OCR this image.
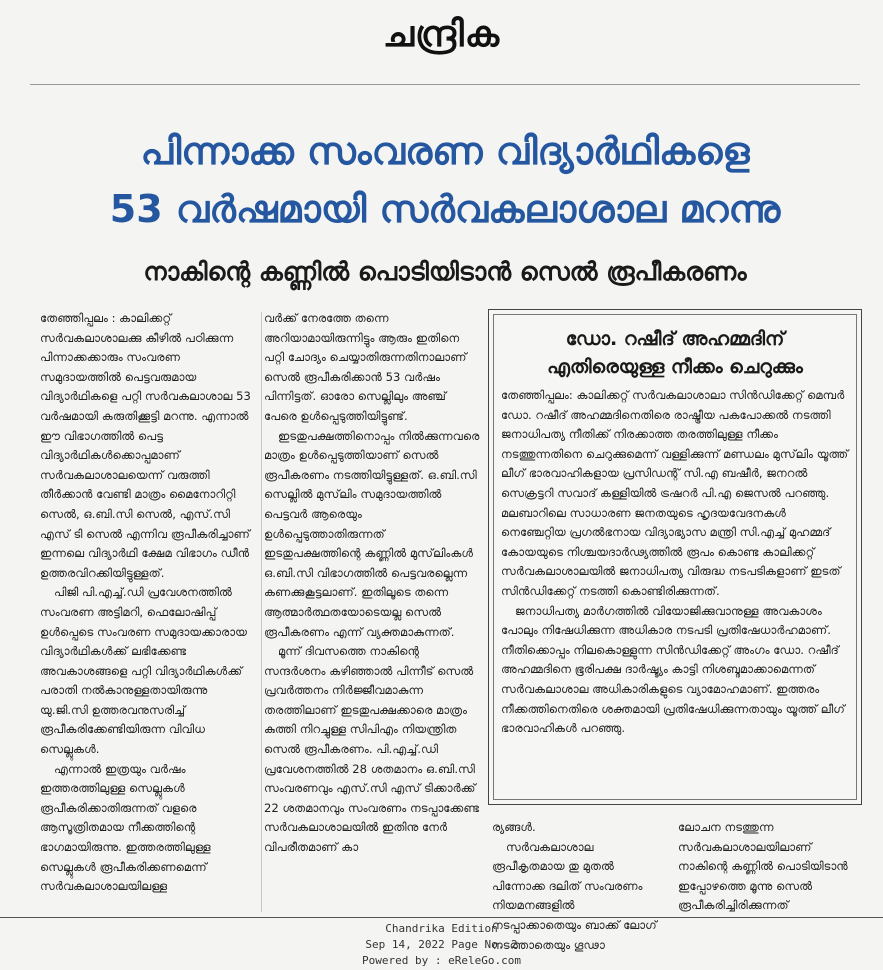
ചന്ദ്രിക
പിന്നാക്ക സംവരണ വിദ്യാർഥികളെ
53 വർഷമായി സർവകലാശാല മറന്നു
നാകിന്റെ കണ്ണിൽ പൊടിയിടാൻ സെൽ രൂപീകരണം

തേഞ്ഞിപ്പലം : കാലിക്കറ്റ് സർവകലാശാലക്കു കീഴിൽ പഠിക്കുന്ന പിന്നാക്കക്കാരും സംവരണ സമുദായത്തിൽ പെട്ടവരുമായ വിദ്യാർഥികളെ പറ്റി സർവകലാശാല 53 വർഷമായി കരുതിക്കൂട്ടി മറന്നു. എന്നാൽ ഈ വിഭാഗത്തിൽ പെട്ട വിദ്യാർഥികൾക്കൊപ്പമാണ് സർവകലാശാലയെന്ന് വരുത്തി തീർക്കാൻ വേണ്ടി മാത്രം മൈനോറിറ്റി സെൽ, ഒ.ബി.സി സെൽ, എസ്.സി എസ് ടി സെൽ എന്നിവ രൂപീകരിച്ചാണ് ഇന്നലെ വിദ്യാർഥി ക്ഷേമ വിഭാഗം ഡീൻ ഉത്തരവിറക്കിയിട്ടുള്ളത്.

പിജി പി.എച്ച്.ഡി പ്രവേശനത്തിൽ സംവരണ അട്ടിമറി, ഫെലോഷിപ്പ് ഉൾപ്പെടെ സംവരണ സമുദായക്കാരായ വിദ്യാർഥികൾക്ക് ലഭിക്കേണ്ട അവകാശങ്ങളെ പറ്റി വിദ്യാർഥികൾക്ക് പരാതി നൽകാനുള്ളതായിരുന്നു യു.ജി.സി ഉത്തരവനുസരിച്ച് രൂപീകരിക്കേണ്ടിയിരുന്ന വിവിധ സെല്ലുകൾ.

എന്നാൽ ഇത്രയും വർഷം ഇത്തരത്തിലുള്ള സെല്ലുകൾ രൂപീകരിക്കാതിരുന്നത് വളരെ ആസൂത്രിതമായ നീക്കത്തിന്റെ ഭാഗമായിരുന്നു. ഇത്തരത്തിലുള്ള സെല്ലുകൾ രൂപീകരിക്കണമെന്ന് സർവകലാശാലയിലള്ള

വർക്ക് നേരത്തേ തന്നെ അറിയാമായിരുന്നിട്ടും ആരും ഇതിനെ പറ്റി ചോദ്യം ചെയ്യാതിരുന്നതിനാലാണ് സെൽ രൂപീകരിക്കാൻ 53 വർഷം പിന്നിട്ടത്. ഓരോ സെല്ലിലും അഞ്ച് പേരെ ഉൾപ്പെടുത്തിയിട്ടുണ്ട്.

ഇടതുപക്ഷത്തിനൊപ്പം നിൽക്കുന്നവരെ മാത്രം ഉൾപ്പെടുത്തിയാണ് സെൽ രൂപീകരണം നടത്തിയിട്ടുള്ളത്. ഒ.ബി.സി സെല്ലിൽ മുസ്‌ലിം സമുദായത്തിൽ പെട്ടവർ ആരെയും ഉൾപ്പെടുത്താതിരുന്നത് ഇടതുപക്ഷത്തിന്റെ കണ്ണിൽ മുസ്‌ലിംകൾ ഒ.ബി.സി വിഭാഗത്തിൽ പെട്ടവരല്ലെന്ന കണക്കുകൂട്ടലാണ്. ഇതിലൂടെ തന്നെ ആത്മാർത്ഥതയോടെയല്ല സെൽ രൂപീകരണം എന്ന് വ്യക്തമാകുന്നത്.

മൂന്ന് ദിവസത്തെ നാകിന്റെ സന്ദർശനം കഴിഞ്ഞാൽ പിന്നീട് സെൽ പ്രവർത്തനം നിർജ്ജീവമാകുന്ന തരത്തിലാണ് ഇടതുപക്ഷക്കാരെ മാത്രം കുത്തി നിറച്ചുള്ള സിപിഎം നിയന്ത്രിത സെൽ രൂപീകരണം. പി.എച്ച്.ഡി പ്രവേശനത്തിൽ 28 ശതമാനം ഒ.ബി.സി സംവരണവും എസ്.സി എസ് ടിക്കാർക്ക് 22 ശതമാനവും സംവരണം നടപ്പാക്കേണ്ട സർവകലാശാലയിൽ ഇതിനു നേർ വിപരീതമാണ് കാ

ഡോ. റഷീദ് അഹമ്മദിന്
എതിരെയുള്ള നീക്കം ചെറുക്കും

തേഞ്ഞിപ്പലം: കാലിക്കറ്റ് സർവകലാശാലാ സിൻഡിക്കേറ്റ് മെമ്പർ ഡോ. റഷീദ് അഹമ്മദിനെതിരെ രാഷ്ട്രീയ പകപോക്കൽ നടത്തി ജനാധിപത്യ നീതിക്ക് നിരക്കാത്ത തരത്തിലുള്ള നീക്കം നടത്തുന്നതിനെ ചെറുക്കുമെന്ന് വള്ളിക്കുന്ന് മണ്ഡലം മുസ്‌ലിം യൂത്ത് ലീഗ് ഭാരവാഹികളായ പ്രസിഡന്റ് സി.എ ബഷീർ, ജനറൽ സെക്രട്ടറി സവാദ് കള്ളിയിൽ ട്രഷറർ പി.എ ജെസൽ പറഞ്ഞു. മലബാറിലെ സാധാരണ ജനതയുടെ ഹൃദയവേദനകൾ നെഞ്ചേറ്റിയ പ്രഗൽഭനായ വിദ്യാഭ്യാസ മന്ത്രി സി.എച്ച് മുഹമ്മദ് കോയയുടെ നിശ്ചയദാർഢ്യത്തിൽ രൂപം കൊണ്ട കാലിക്കറ്റ് സർവകലാശാലയിൽ ജനാധിപത്യ വിരുദ്ധ നടപടികളാണ് ഇടത് സിൻഡിക്കേറ്റ് നടത്തി കൊണ്ടിരിക്കുന്നത്.

ജനാധിപത്യ മാർഗത്തിൽ വിയോജിക്കുവാനുള്ള അവകാശം പോലും നിഷേധിക്കുന്ന അധികാര നടപടി പ്രതിഷേധാർഹമാണ്. നീതിക്കൊപ്പം നിലകൊള്ളുന്ന സിൻഡിക്കേറ്റ് അംഗം ഡോ. റഷീദ് അഹമ്മദിനെ ഭൂരിപക്ഷ ദാർഷ്ട്യം കാട്ടി നിശബ്ദമാക്കാമെന്നത് സർവകലാശാല അധികാരികളുടെ വ്യാമോഹമാണ്. ഇത്തരം നീക്കത്തിനെതിരെ ശക്തമായി പ്രതിഷേധിക്കുന്നതായും യൂത്ത് ലീഗ് ഭാരവാഹികൾ പറഞ്ഞു.

ര്യങ്ങൾ.

സർവകലാശാല രൂപീകൃതമായ തു മുതൽ പിന്നോക്ക ദലിത് സംവരണം നിയമനങ്ങളിൽ നടപ്പാക്കാതെയും ബാക്ക് ലോഗ് നടത്താതെയും ഗൂഢാ

ലോചന നടത്തുന്ന സർവകലാശാലയിലാണ് നാകിന്റെ കണ്ണിൽ പൊടിയിടാൻ ഇപ്പോഴത്തെ മൂന്നു സെൽ രൂപീകരിച്ചിരിക്കുന്നത്

Chandrika Edition
Sep 14, 2022 Page No. 2
Powered by : eReleGo.com
